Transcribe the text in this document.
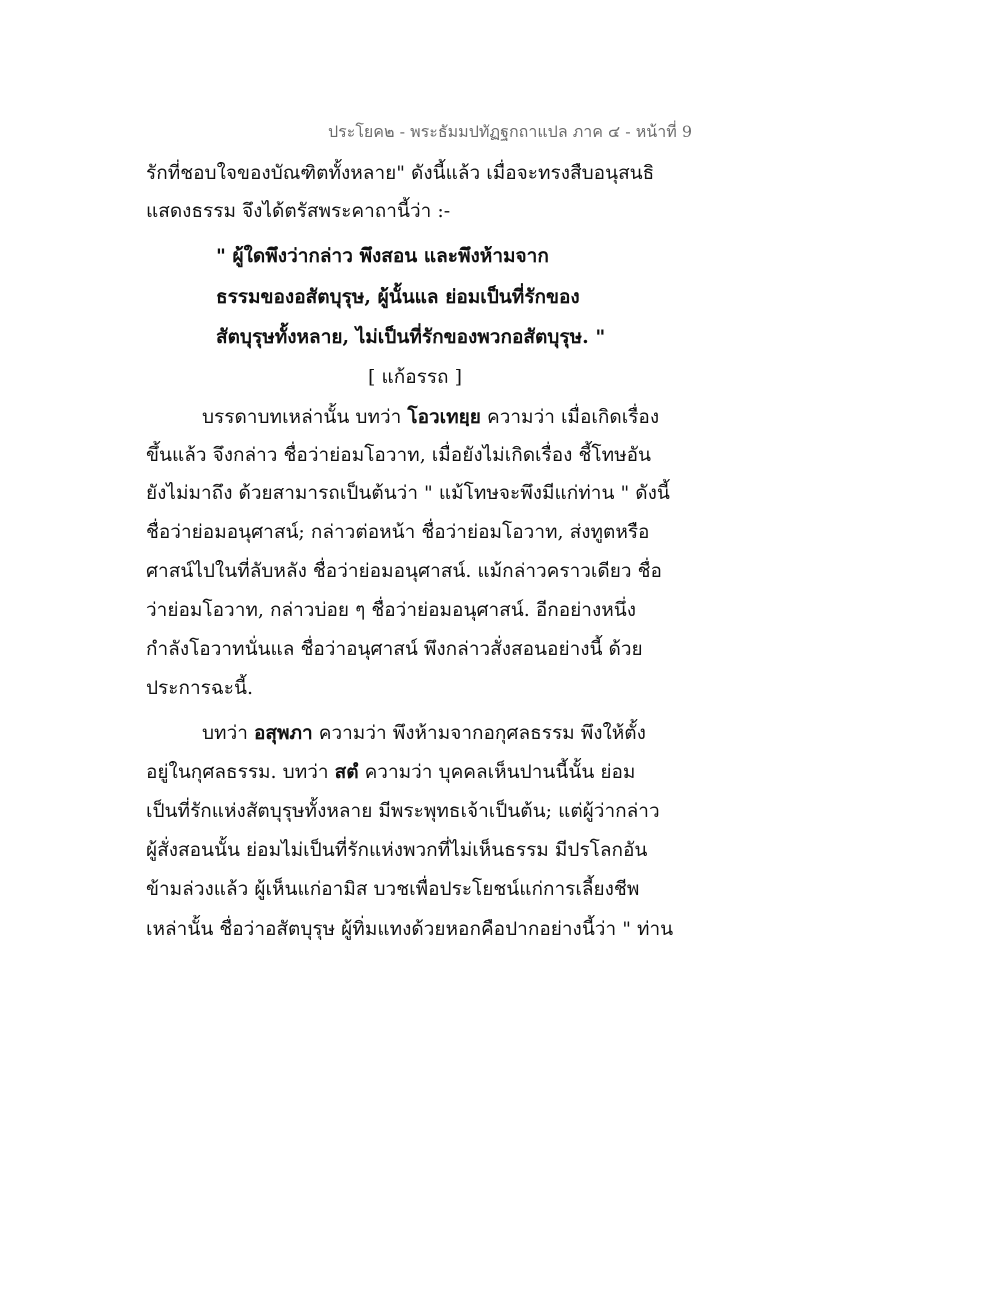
ประโยค๒ - พระธัมมปทัฏฐกถาแปล ภาค ๔ - หน้าที่ 9
รักที่ชอบใจของบัณฑิตทั้งหลาย" ดังนี้แล้ว เมื่อจะทรงสืบอนุสนธิ
แสดงธรรม จึงได้ตรัสพระคาถานี้ว่า :-
" ผู้ใดพึงว่ากล่าว พึงสอน และพึงห้ามจาก
ธรรมของอสัตบุรุษ, ผู้นั้นแล ย่อมเป็นที่รักของ
สัตบุรุษทั้งหลาย, ไม่เป็นที่รักของพวกอสัตบุรุษ. "
[ แก้อรรถ ]
บรรดาบทเหล่านั้น บทว่า โอวเทยฺย ความว่า เมื่อเกิดเรื่อง
ขึ้นแล้ว จึงกล่าว ชื่อว่าย่อมโอวาท, เมื่อยังไม่เกิดเรื่อง ชี้โทษอัน
ยังไม่มาถึง ด้วยสามารถเป็นต้นว่า " แม้โทษจะพึงมีแก่ท่าน " ดังนี้
ชื่อว่าย่อมอนุศาสน์; กล่าวต่อหน้า ชื่อว่าย่อมโอวาท, ส่งทูตหรือ
ศาสน์ไปในที่ลับหลัง ชื่อว่าย่อมอนุศาสน์. แม้กล่าวคราวเดียว ชื่อ
ว่าย่อมโอวาท, กล่าวบ่อย ๆ ชื่อว่าย่อมอนุศาสน์. อีกอย่างหนึ่ง
กำลังโอวาทนั่นแล ชื่อว่าอนุศาสน์ พึงกล่าวสั่งสอนอย่างนี้ ด้วย
ประการฉะนี้.
บทว่า อสุพภา ความว่า พึงห้ามจากอกุศลธรรม พึงให้ตั้ง
อยู่ในกุศลธรรม. บทว่า สตํ ความว่า บุคคลเห็นปานนี้นั้น ย่อม
เป็นที่รักแห่งสัตบุรุษทั้งหลาย มีพระพุทธเจ้าเป็นต้น; แต่ผู้ว่ากล่าว
ผู้สั่งสอนนั้น ย่อมไม่เป็นที่รักแห่งพวกที่ไม่เห็นธรรม มีปรโลกอัน
ข้ามล่วงแล้ว ผู้เห็นแก่อามิส บวชเพื่อประโยชน์แก่การเลี้ยงชีพ
เหล่านั้น ชื่อว่าอสัตบุรุษ ผู้ทิ่มแทงด้วยหอกคือปากอย่างนี้ว่า " ท่าน
